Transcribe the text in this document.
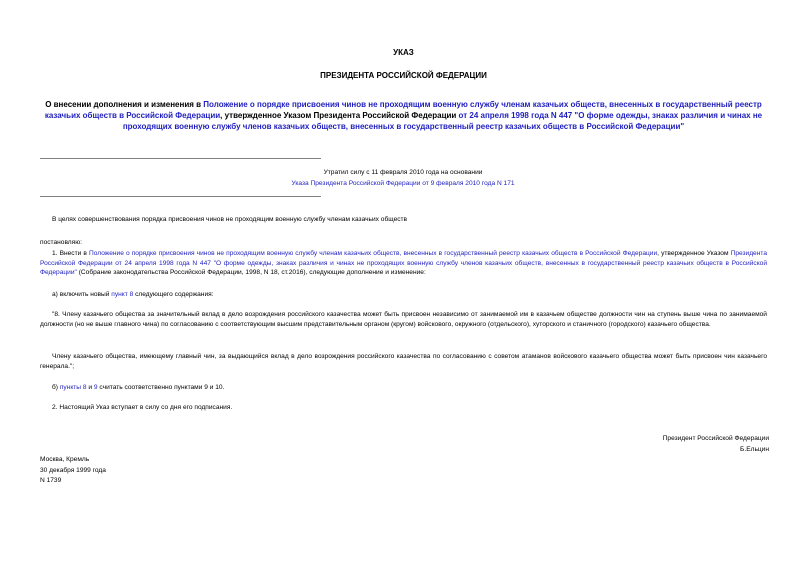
УКАЗ
ПРЕЗИДЕНТА РОССИЙСКОЙ ФЕДЕРАЦИИ
О внесении дополнения и изменения в Положение о порядке присвоения чинов не проходящим военную службу членам казачьих обществ, внесенных в государственный реестр казачьих обществ в Российской Федерации, утвержденное Указом Президента Российской Федерации от 24 апреля 1998 года N 447 "О форме одежды, знаках различия и чинах не проходящих военную службу членов казачьих обществ, внесенных в государственный реестр казачьих обществ в Российской Федерации"
Утратил силу с 11 февраля 2010 года на основании
Указа Президента Российской Федерации от 9 февраля 2010 года N 171
В целях совершенствования порядка присвоения чинов не проходящим военную службу членам казачьих обществ
постановляю:
1. Внести в Положение о порядке присвоения чинов не проходящим военную службу членам казачьих обществ, внесенных в государственный реестр казачьих обществ в Российской Федерации, утвержденное Указом Президента Российской Федерации от 24 апреля 1998 года N 447 "О форме одежды, знаках различия и чинах не проходящих военную службу членов казачьих обществ, внесенных в государственный реестр казачьих обществ в Российской Федерации" (Собрание законодательства Российской Федерации, 1998, N 18, ст.2016), следующие дополнение и изменение:
а) включить новый пункт 8 следующего содержания:
"8. Члену казачьего общества за значительный вклад в дело возрождения российского казачества может быть присвоен независимо от занимаемой им в казачьем обществе должности чин на ступень выше чина по занимаемой должности (но не выше главного чина) по согласованию с соответствующим высшим представительным органом (кругом) войскового, окружного (отдельского), хуторского и станичного (городского) казачьего общества.
Члену казачьего общества, имеющему главный чин, за выдающийся вклад в дело возрождения российского казачества по согласованию с советом атаманов войскового казачьего общества может быть присвоен чин казачьего генерала.";
б) пункты 8 и 9 считать соответственно пунктами 9 и 10.
2. Настоящий Указ вступает в силу со дня его подписания.
Президент Российской Федерации
Б.Ельцин
Москва, Кремль
30 декабря 1999 года
N 1739
